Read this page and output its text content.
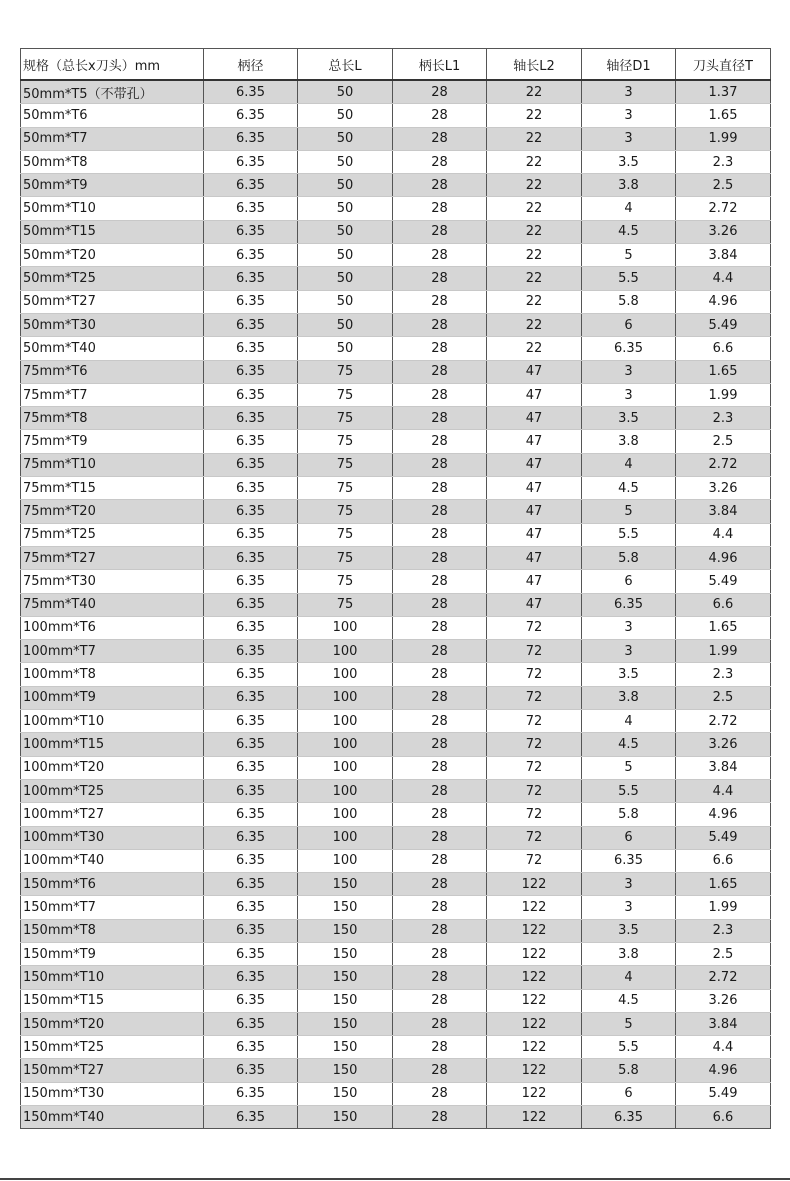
规格（总长x刀头）mm	柄径	总长L	柄长L1	轴长L2	轴径D1	刀头直径T
50mm*T5（不带孔）	6.35	50	28	22	3	1.37
50mm*T6	6.35	50	28	22	3	1.65
50mm*T7	6.35	50	28	22	3	1.99
50mm*T8	6.35	50	28	22	3.5	2.3
50mm*T9	6.35	50	28	22	3.8	2.5
50mm*T10	6.35	50	28	22	4	2.72
50mm*T15	6.35	50	28	22	4.5	3.26
50mm*T20	6.35	50	28	22	5	3.84
50mm*T25	6.35	50	28	22	5.5	4.4
50mm*T27	6.35	50	28	22	5.8	4.96
50mm*T30	6.35	50	28	22	6	5.49
50mm*T40	6.35	50	28	22	6.35	6.6
75mm*T6	6.35	75	28	47	3	1.65
75mm*T7	6.35	75	28	47	3	1.99
75mm*T8	6.35	75	28	47	3.5	2.3
75mm*T9	6.35	75	28	47	3.8	2.5
75mm*T10	6.35	75	28	47	4	2.72
75mm*T15	6.35	75	28	47	4.5	3.26
75mm*T20	6.35	75	28	47	5	3.84
75mm*T25	6.35	75	28	47	5.5	4.4
75mm*T27	6.35	75	28	47	5.8	4.96
75mm*T30	6.35	75	28	47	6	5.49
75mm*T40	6.35	75	28	47	6.35	6.6
100mm*T6	6.35	100	28	72	3	1.65
100mm*T7	6.35	100	28	72	3	1.99
100mm*T8	6.35	100	28	72	3.5	2.3
100mm*T9	6.35	100	28	72	3.8	2.5
100mm*T10	6.35	100	28	72	4	2.72
100mm*T15	6.35	100	28	72	4.5	3.26
100mm*T20	6.35	100	28	72	5	3.84
100mm*T25	6.35	100	28	72	5.5	4.4
100mm*T27	6.35	100	28	72	5.8	4.96
100mm*T30	6.35	100	28	72	6	5.49
100mm*T40	6.35	100	28	72	6.35	6.6
150mm*T6	6.35	150	28	122	3	1.65
150mm*T7	6.35	150	28	122	3	1.99
150mm*T8	6.35	150	28	122	3.5	2.3
150mm*T9	6.35	150	28	122	3.8	2.5
150mm*T10	6.35	150	28	122	4	2.72
150mm*T15	6.35	150	28	122	4.5	3.26
150mm*T20	6.35	150	28	122	5	3.84
150mm*T25	6.35	150	28	122	5.5	4.4
150mm*T27	6.35	150	28	122	5.8	4.96
150mm*T30	6.35	150	28	122	6	5.49
150mm*T40	6.35	150	28	122	6.35	6.6
